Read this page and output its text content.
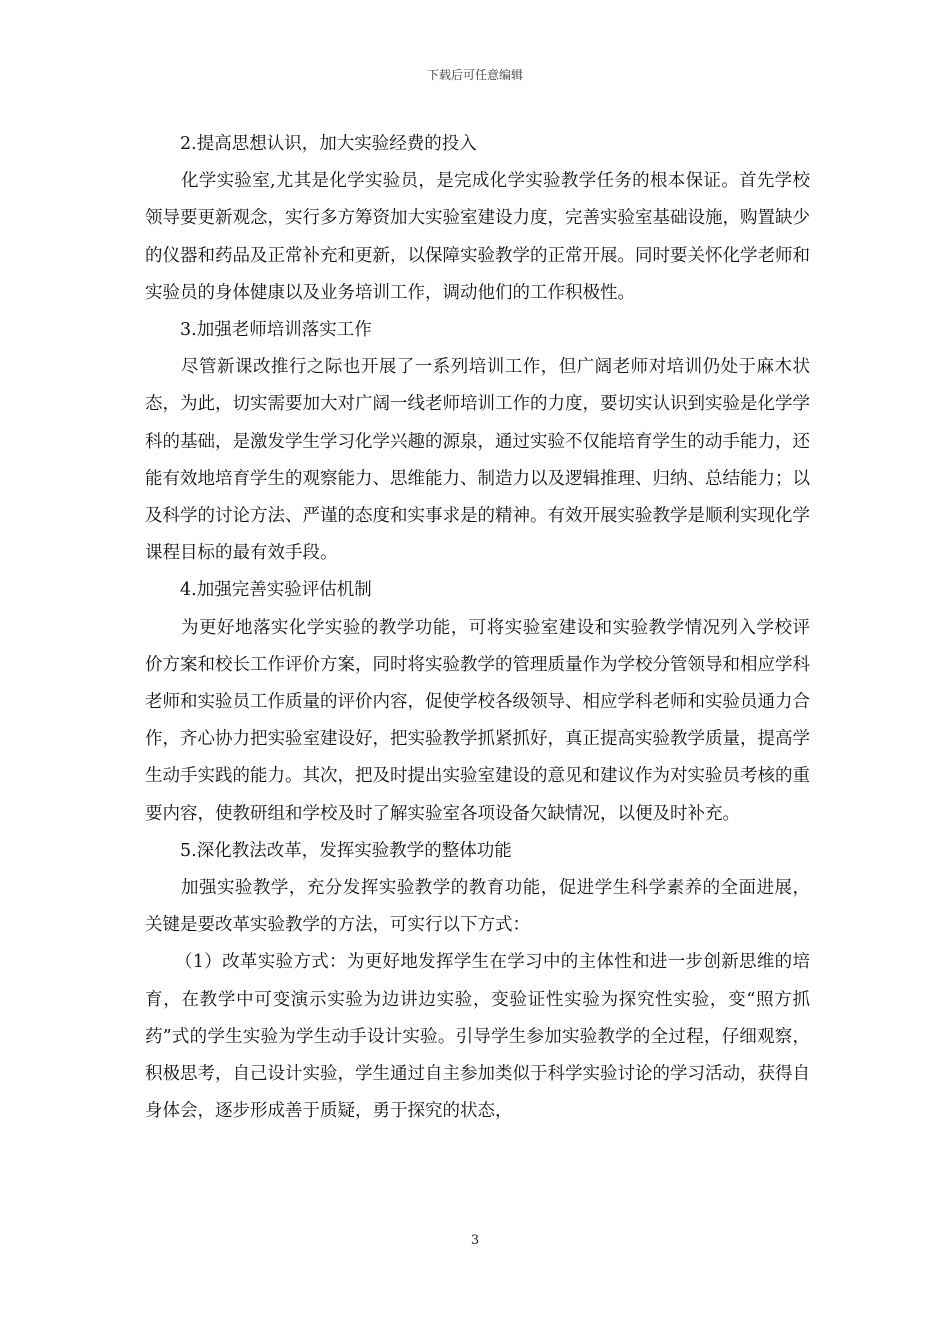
下载后可任意编辑

2.提高思想认识，加大实验经费的投入

化学实验室,尤其是化学实验员，是完成化学实验教学任务的根本保证。首先学校领导要更新观念，实行多方筹资加大实验室建设力度，完善实验室基础设施，购置缺少的仪器和药品及正常补充和更新，以保障实验教学的正常开展。同时要关怀化学老师和实验员的身体健康以及业务培训工作，调动他们的工作积极性。

3.加强老师培训落实工作

尽管新课改推行之际也开展了一系列培训工作，但广阔老师对培训仍处于麻木状态，为此，切实需要加大对广阔一线老师培训工作的力度，要切实认识到实验是化学学科的基础，是激发学生学习化学兴趣的源泉，通过实验不仅能培育学生的动手能力，还能有效地培育学生的观察能力、思维能力、制造力以及逻辑推理、归纳、总结能力；以及科学的讨论方法、严谨的态度和实事求是的精神。有效开展实验教学是顺利实现化学课程目标的最有效手段。

4.加强完善实验评估机制

为更好地落实化学实验的教学功能，可将实验室建设和实验教学情况列入学校评价方案和校长工作评价方案，同时将实验教学的管理质量作为学校分管领导和相应学科老师和实验员工作质量的评价内容，促使学校各级领导、相应学科老师和实验员通力合作，齐心协力把实验室建设好，把实验教学抓紧抓好，真正提高实验教学质量，提高学生动手实践的能力。其次，把及时提出实验室建设的意见和建议作为对实验员考核的重要内容，使教研组和学校及时了解实验室各项设备欠缺情况，以便及时补充。

5.深化教法改革，发挥实验教学的整体功能

加强实验教学，充分发挥实验教学的教育功能，促进学生科学素养的全面进展，关键是要改革实验教学的方法，可实行以下方式：

（1）改革实验方式：为更好地发挥学生在学习中的主体性和进一步创新思维的培育，在教学中可变演示实验为边讲边实验，变验证性实验为探究性实验，变“照方抓药”式的学生实验为学生动手设计实验。引导学生参加实验教学的全过程，仔细观察，积极思考，自己设计实验，学生通过自主参加类似于科学实验讨论的学习活动，获得自身体会，逐步形成善于质疑，勇于探究的状态，

3
